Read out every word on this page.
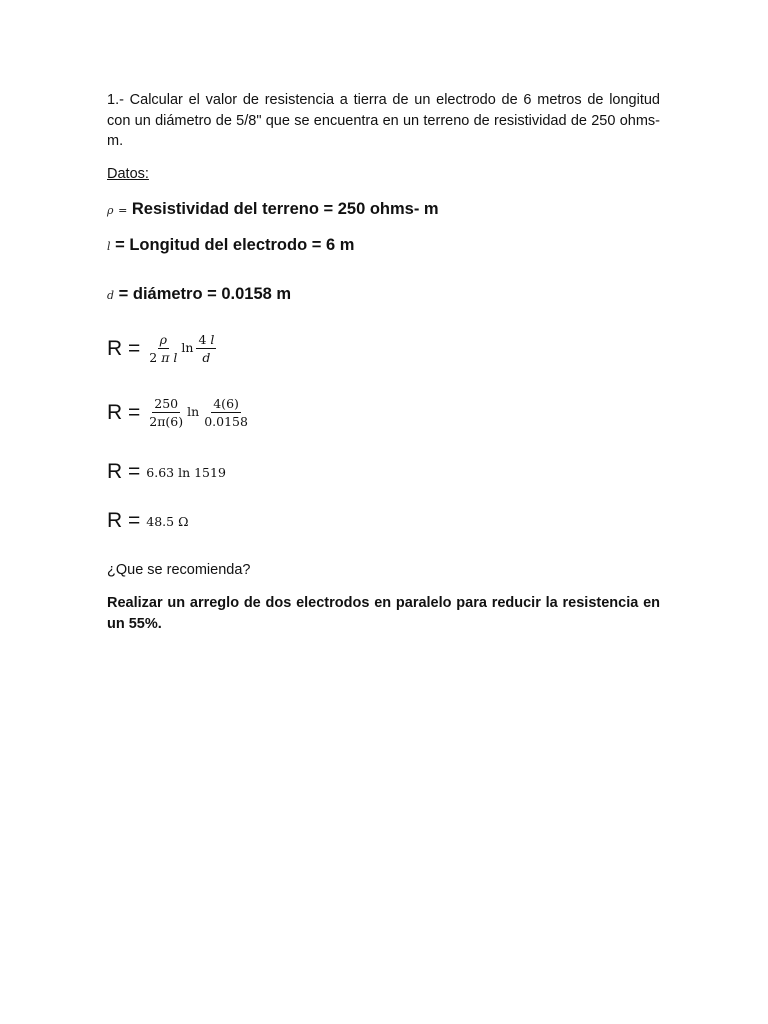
1.- Calcular el valor de resistencia a tierra de un electrodo de 6 metros de longitud con un diámetro de 5/8" que se encuentra en un terreno de resistividad de 250 ohms-m.

Datos:
ρ = Resistividad del terreno = 250 ohms- m
l = Longitud del electrodo = 6 m
d = diámetro = 0.0158 m
$R = \frac{\rho}{\text{2 π l}}$ $\ln \frac{4 l}{d}$
$R = \frac{250}{2\pi(6)}$ $\ln \frac{4(6)}{0.0158}$
R = 6.63 ln 1519
R = 48.5 Ω
¿Que se recomienda?

Realizar un arreglo de dos electrodos en paralelo para reducir la resistencia en un 55%.
